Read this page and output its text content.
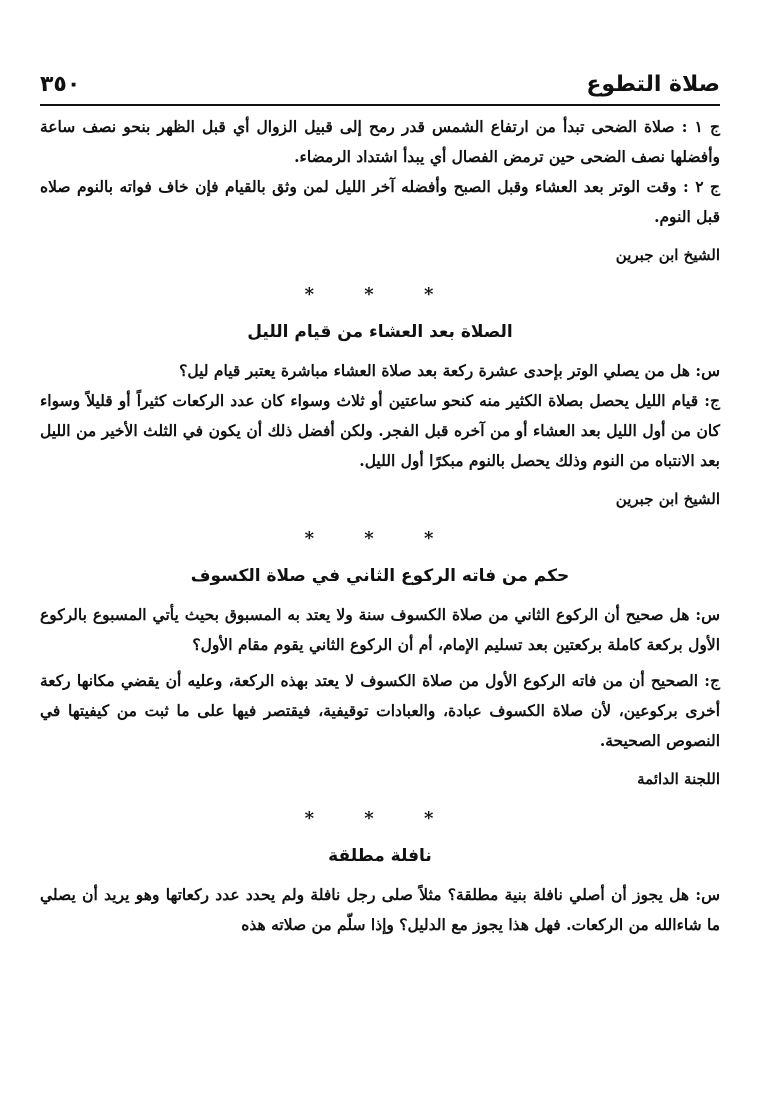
صلاة التطوع
٣٥٠

ج ١ : صلاة الضحى تبدأ من ارتفاع الشمس قدر رمح إلى قبيل الزوال أي قبل الظهر بنحو نصف ساعة وأفضلها نصف الضحى حين ترمض الفصال أي يبدأ اشتداد الرمضاء.

ج ٢ : وقت الوتر بعد العشاء وقبل الصبح وأفضله آخر الليل لمن وثق بالقيام فإن خاف فواته بالنوم صلاه قبل النوم.

الشيخ ابن جبرين
* * *
الصلاة بعد العشاء من قيام الليل

س: هل من يصلي الوتر بإحدى عشرة ركعة بعد صلاة العشاء مباشرة يعتبر قيام ليل؟

ج: قيام الليل يحصل بصلاة الكثير منه كنحو ساعتين أو ثلاث وسواء كان عدد الركعات كثيراً أو قليلاً وسواء كان من أول الليل بعد العشاء أو من آخره قبل الفجر. ولكن أفضل ذلك أن يكون في الثلث الأخير من الليل بعد الانتباه من النوم وذلك يحصل بالنوم مبكرًا أول الليل.

الشيخ ابن جبرين
* * *
حكم من فاته الركوع الثاني في صلاة الكسوف

س: هل صحيح أن الركوع الثاني من صلاة الكسوف سنة ولا يعتد به المسبوق بحيث يأتي المسبوع بالركوع الأول بركعة كاملة بركعتين بعد تسليم الإمام، أم أن الركوع الثاني يقوم مقام الأول؟

ج: الصحيح أن من فاته الركوع الأول من صلاة الكسوف لا يعتد بهذه الركعة، وعليه أن يقضي مكانها ركعة أخرى بركوعين، لأن صلاة الكسوف عبادة، والعبادات توقيفية، فيقتصر فيها على ما ثبت من كيفيتها في النصوص الصحيحة.

اللجنة الدائمة
* * *
نافلة مطلقة

س: هل يجوز أن أصلي نافلة بنية مطلقة؟ مثلاً صلى رجل نافلة ولم يحدد عدد ركعاتها وهو يريد أن يصلي ما شاءالله من الركعات. فهل هذا يجوز مع الدليل؟ وإذا سلّم من صلاته هذه
